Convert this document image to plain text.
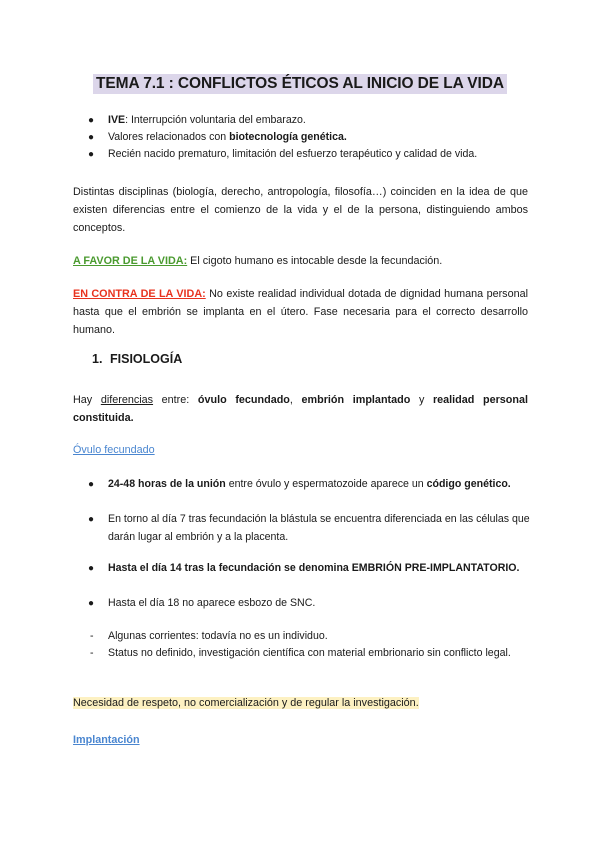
TEMA 7.1 : CONFLICTOS ÉTICOS AL INICIO DE LA VIDA
●	IVE: Interrupción voluntaria del embarazo.
●	Valores relacionados con biotecnología genética.
●	Recién nacido prematuro, limitación del esfuerzo terapéutico y calidad de vida.
Distintas disciplinas (biología, derecho, antropología, filosofía…) coinciden en la idea de que existen diferencias entre el comienzo de la vida y el de la persona, distinguiendo ambos conceptos.
A FAVOR DE LA VIDA: El cigoto humano es intocable desde la fecundación.
EN CONTRA DE LA VIDA: No existe realidad individual dotada de dignidad humana personal hasta que el embrión se implanta en el útero. Fase necesaria para el correcto desarrollo humano.
1. FISIOLOGÍA
Hay diferencias entre: óvulo fecundado, embrión implantado y realidad personal constituida.
Óvulo fecundado
●	24-48 horas de la unión entre óvulo y espermatozoide aparece un código genético.
●	En torno al día 7 tras fecundación la blástula se encuentra diferenciada en las células que darán lugar al embrión y a la placenta.
●	Hasta el día 14 tras la fecundación se denomina EMBRIÓN PRE-IMPLANTATORIO.
●	Hasta el día 18 no aparece esbozo de SNC.
-	Algunas corrientes: todavía no es un individuo.
-	Status no definido, investigación científica con material embrionario sin conflicto legal.
Necesidad de respeto, no comercialización y de regular la investigación.
Implantación
